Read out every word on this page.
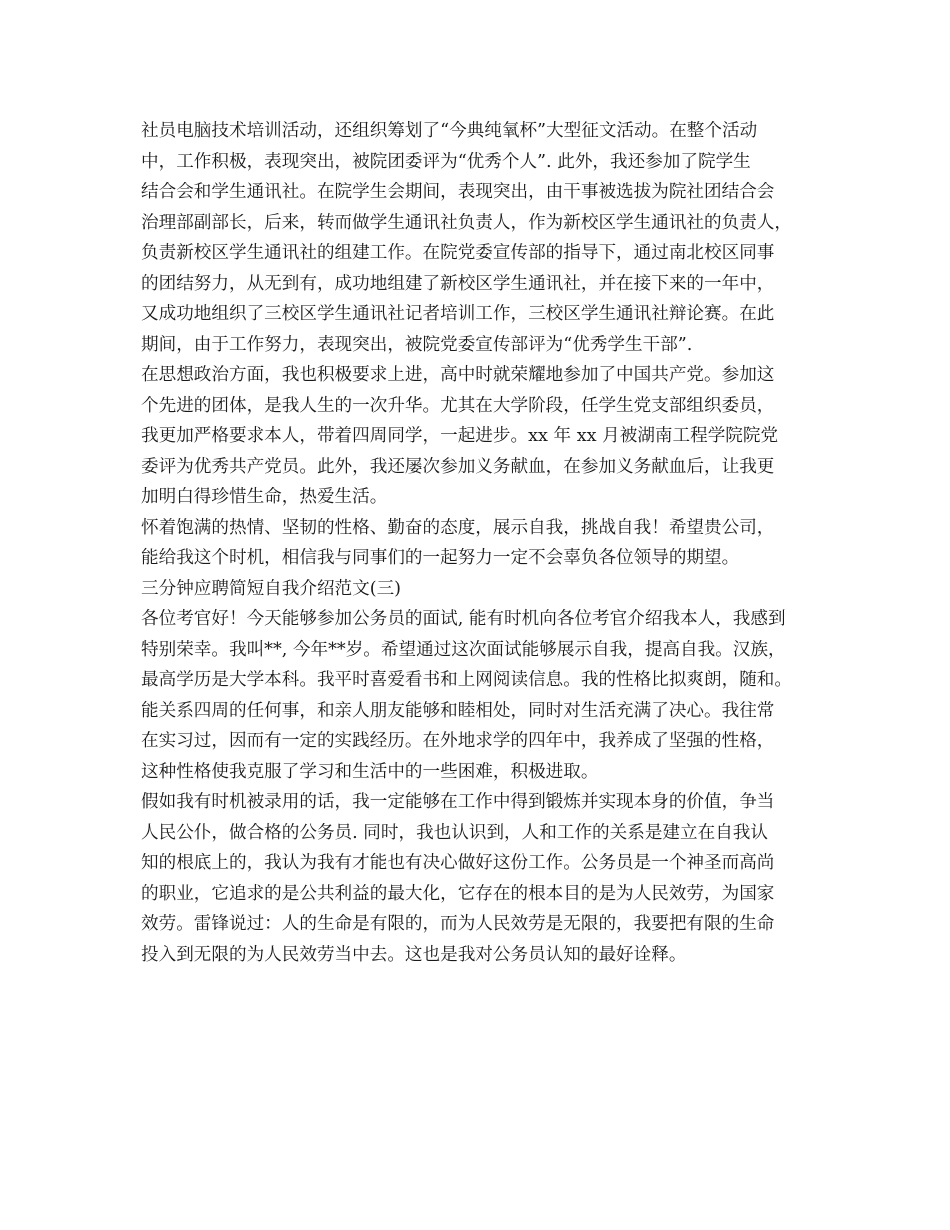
社员电脑技术培训活动，还组织筹划了“今典纯氧杯”大型征文活动。在整个活动
中，工作积极，表现突出，被院团委评为“优秀个人”. 此外，我还参加了院学生
结合会和学生通讯社。在院学生会期间，表现突出，由干事被选拔为院社团结合会
治理部副部长，后来，转而做学生通讯社负责人，作为新校区学生通讯社的负责人，
负责新校区学生通讯社的组建工作。在院党委宣传部的指导下，通过南北校区同事
的团结努力，从无到有，成功地组建了新校区学生通讯社，并在接下来的一年中，
又成功地组织了三校区学生通讯社记者培训工作，三校区学生通讯社辩论赛。在此
期间，由于工作努力，表现突出，被院党委宣传部评为“优秀学生干部”.
在思想政治方面，我也积极要求上进，高中时就荣耀地参加了中国共产党。参加这
个先进的团体，是我人生的一次升华。尤其在大学阶段，任学生党支部组织委员，
我更加严格要求本人，带着四周同学，一起进步。xx 年 xx 月被湖南工程学院院党
委评为优秀共产党员。此外，我还屡次参加义务献血，在参加义务献血后，让我更
加明白得珍惜生命，热爱生活。
怀着饱满的热情、坚韧的性格、勤奋的态度，展示自我，挑战自我！希望贵公司，
能给我这个时机，相信我与同事们的一起努力一定不会辜负各位领导的期望。
三分钟应聘简短自我介绍范文(三)
各位考官好！今天能够参加公务员的面试, 能有时机向各位考官介绍我本人，我感到
特别荣幸。我叫**, 今年**岁。希望通过这次面试能够展示自我，提高自我。汉族，
最高学历是大学本科。我平时喜爱看书和上网阅读信息。我的性格比拟爽朗，随和。
能关系四周的任何事，和亲人朋友能够和睦相处，同时对生活充满了决心。我往常
在实习过，因而有一定的实践经历。在外地求学的四年中，我养成了坚强的性格，
这种性格使我克服了学习和生活中的一些困难，积极进取。
假如我有时机被录用的话，我一定能够在工作中得到锻炼并实现本身的价值，争当
人民公仆，做合格的公务员. 同时，我也认识到，人和工作的关系是建立在自我认
知的根底上的，我认为我有才能也有决心做好这份工作。公务员是一个神圣而高尚
的职业，它追求的是公共利益的最大化，它存在的根本目的是为人民效劳，为国家
效劳。雷锋说过：人的生命是有限的，而为人民效劳是无限的，我要把有限的生命
投入到无限的为人民效劳当中去。这也是我对公务员认知的最好诠释。
